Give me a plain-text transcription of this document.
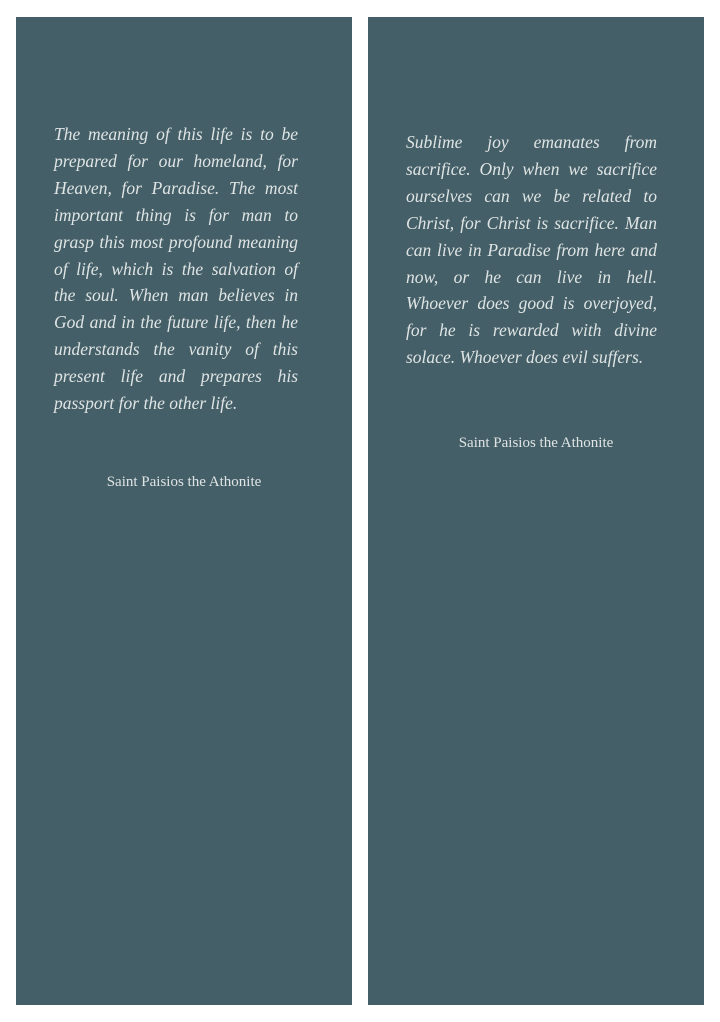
The meaning of this life is to be prepared for our homeland, for Heaven, for Paradise. The most important thing is for man to grasp this most profound meaning of life, which is the salvation of the soul. When man believes in God and in the future life, then he understands the vanity of this present life and prepares his passport for the other life.

Saint Paisios the Athonite

Sublime joy emanates from sacrifice. Only when we sacrifice ourselves can we be related to Christ, for Christ is sacrifice. Man can live in Paradise from here and now, or he can live in hell. Whoever does good is overjoyed, for he is rewarded with divine solace. Whoever does evil suffers.

Saint Paisios the Athonite
